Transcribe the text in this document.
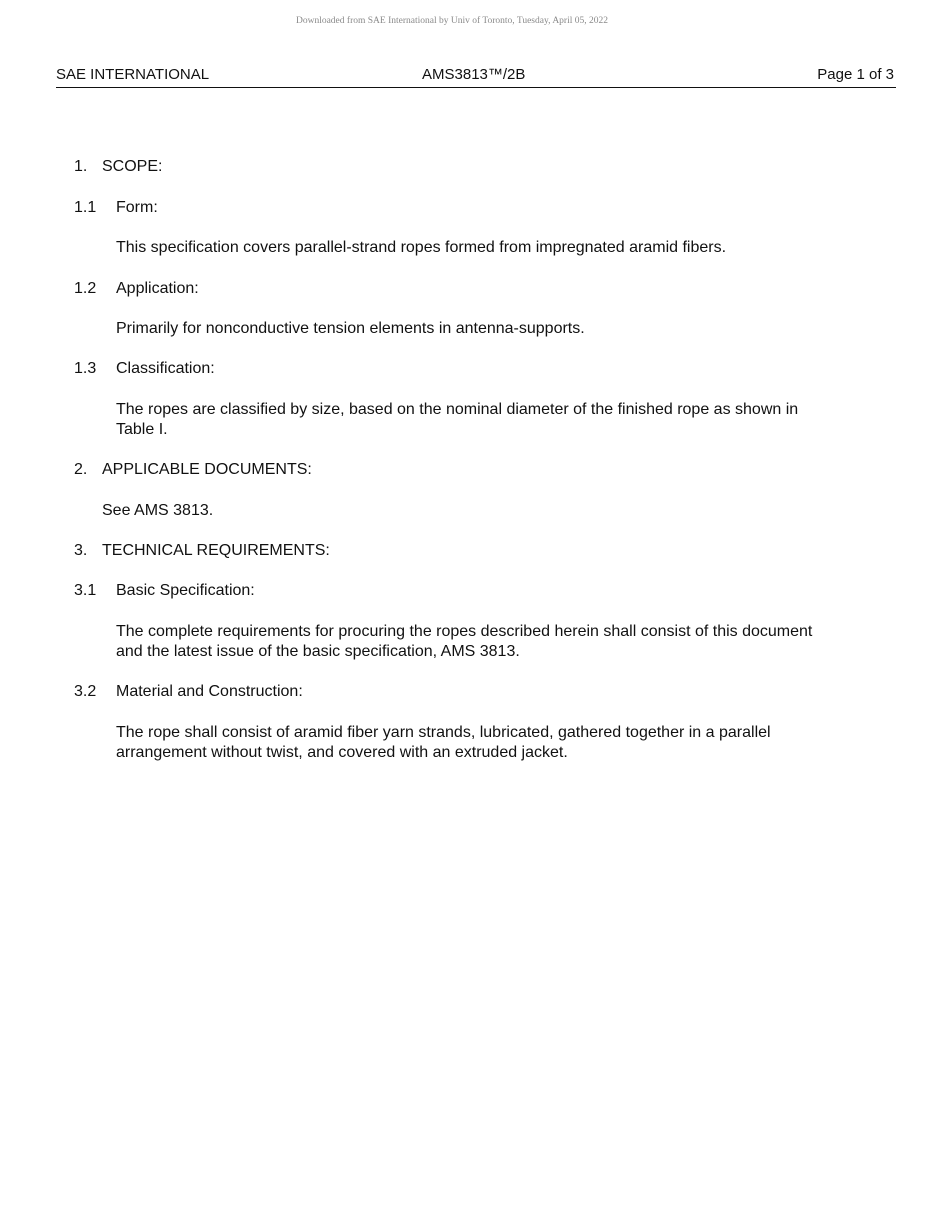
Downloaded from SAE International by Univ of Toronto, Tuesday, April 05, 2022
SAE INTERNATIONAL	AMS3813™/2B	Page 1 of 3
1. SCOPE:
1.1 Form:
This specification covers parallel-strand ropes formed from impregnated aramid fibers.
1.2 Application:
Primarily for nonconductive tension elements in antenna-supports.
1.3 Classification:
The ropes are classified by size, based on the nominal diameter of the finished rope as shown in
Table I.
2. APPLICABLE DOCUMENTS:
See AMS 3813.
3. TECHNICAL REQUIREMENTS:
3.1 Basic Specification:
The complete requirements for procuring the ropes described herein shall consist of this document
and the latest issue of the basic specification, AMS 3813.
3.2 Material and Construction:
The rope shall consist of aramid fiber yarn strands, lubricated, gathered together in a parallel
arrangement without twist, and covered with an extruded jacket.
